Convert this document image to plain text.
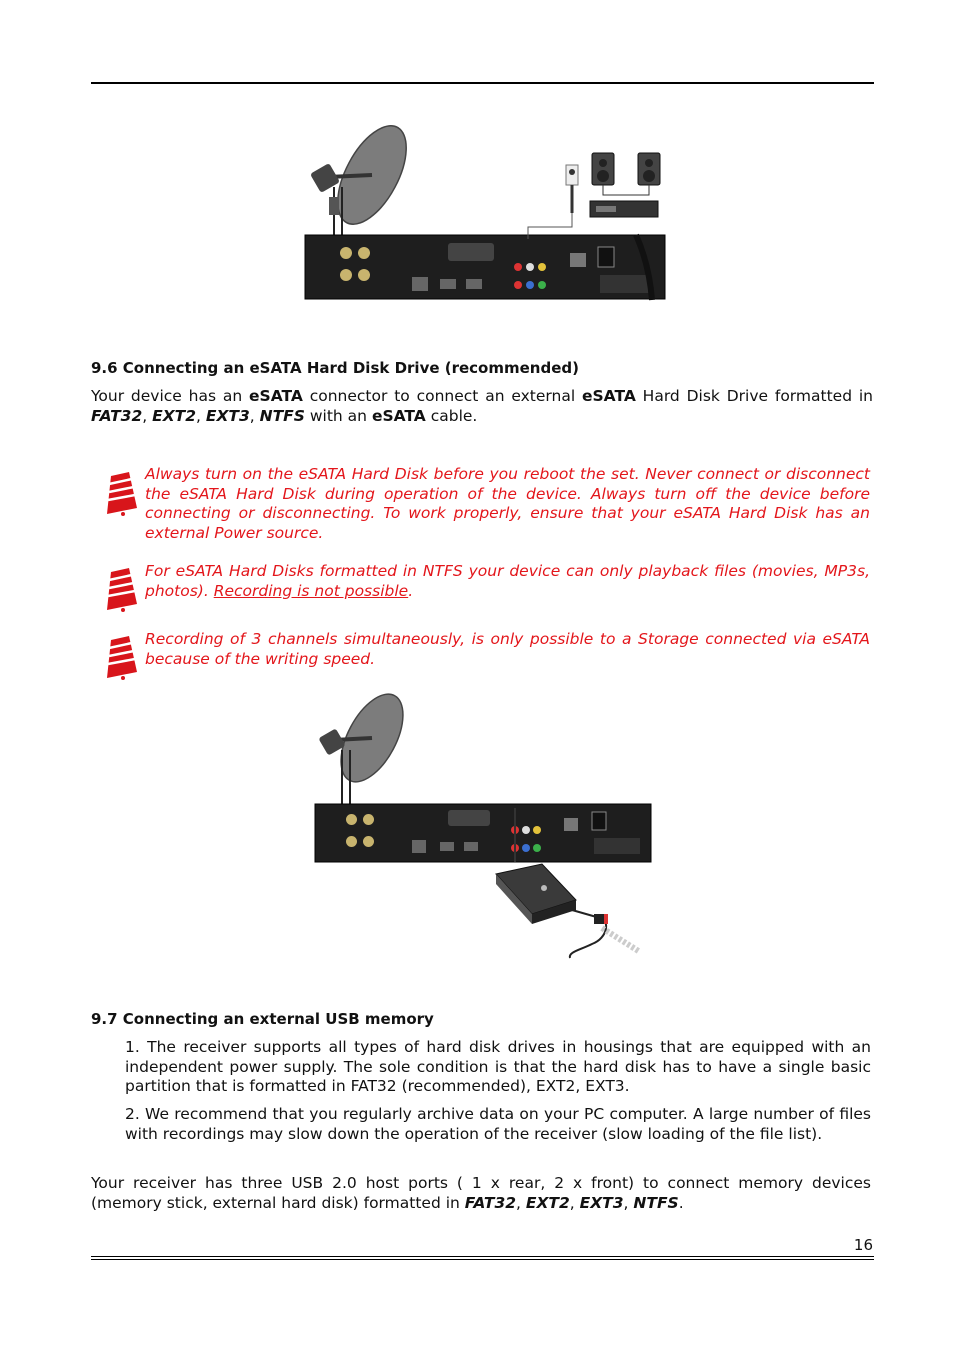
9.6 Connecting an eSATA Hard Disk Drive (recommended)

Your device has an eSATA connector to connect an external eSATA Hard Disk Drive formatted in FAT32, EXT2, EXT3, NTFS with an eSATA cable.

Always turn on the eSATA Hard Disk before you reboot the set. Never connect or disconnect the eSATA Hard Disk during operation of the device. Always turn off the device before connecting or disconnecting. To work properly, ensure that your eSATA Hard Disk has an external Power source.

For eSATA Hard Disks formatted in NTFS your device can only playback files (movies, MP3s, photos). Recording is not possible.

Recording of 3 channels simultaneously, is only possible to a Storage connected via eSATA because of the writing speed.

9.7 Connecting an external USB memory

1. The receiver supports all types of hard disk drives in housings that are equipped with an independent power supply. The sole condition is that the hard disk has to have a single basic partition that is formatted in FAT32 (recommended), EXT2, EXT3.

2. We recommend that you regularly archive data on your PC computer. A large number of files with recordings may slow down the operation of the receiver (slow loading of the file list).

Your receiver has three USB 2.0 host ports ( 1 x rear, 2 x front) to connect memory devices (memory stick, external hard disk) formatted in FAT32, EXT2, EXT3, NTFS.

16
